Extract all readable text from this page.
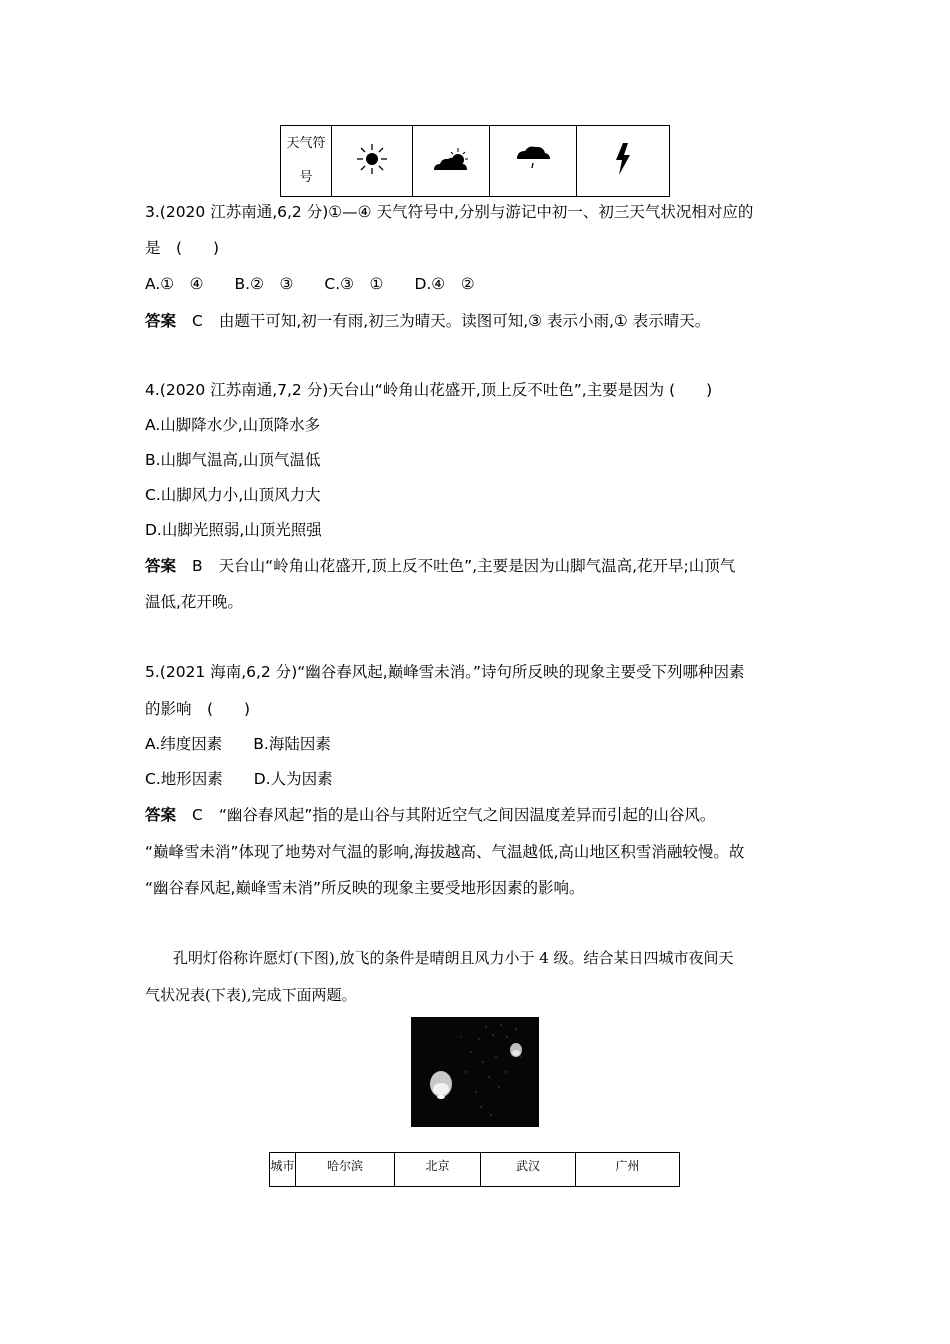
天气符号

3.(2020 江苏南通,6,2 分)①—④ 天气符号中,分别与游记中初一、初三天气状况相对应的
是　(　　)
A.①　④　　B.②　③　　C.③　①　　D.④　②
答案 C 由题干可知,初一有雨,初三为晴天。读图可知,③ 表示小雨,① 表示晴天。
4.(2020 江苏南通,7,2 分)天台山“岭角山花盛开,顶上反不吐色”,主要是因为 (　　)
A.山脚降水少,山顶降水多
B.山脚气温高,山顶气温低
C.山脚风力小,山顶风力大
D.山脚光照弱,山顶光照强
答案 B 天台山“岭角山花盛开,顶上反不吐色”,主要是因为山脚气温高,花开早;山顶气
温低,花开晚。
5.(2021 海南,6,2 分)“幽谷春风起,巅峰雪未消。”诗句所反映的现象主要受下列哪种因素
的影响　(　　)
A.纬度因素　　B.海陆因素
C.地形因素　　D.人为因素
答案 C “幽谷春风起”指的是山谷与其附近空气之间因温度差异而引起的山谷风。
“巅峰雪未消”体现了地势对气温的影响,海拔越高、气温越低,高山地区积雪消融较慢。故
“幽谷春风起,巅峰雪未消”所反映的现象主要受地形因素的影响。
孔明灯俗称许愿灯(下图),放飞的条件是晴朗且风力小于 4 级。结合某日四城市夜间天
气状况表(下表),完成下面两题。
城市	哈尔滨	北京	武汉	广州
